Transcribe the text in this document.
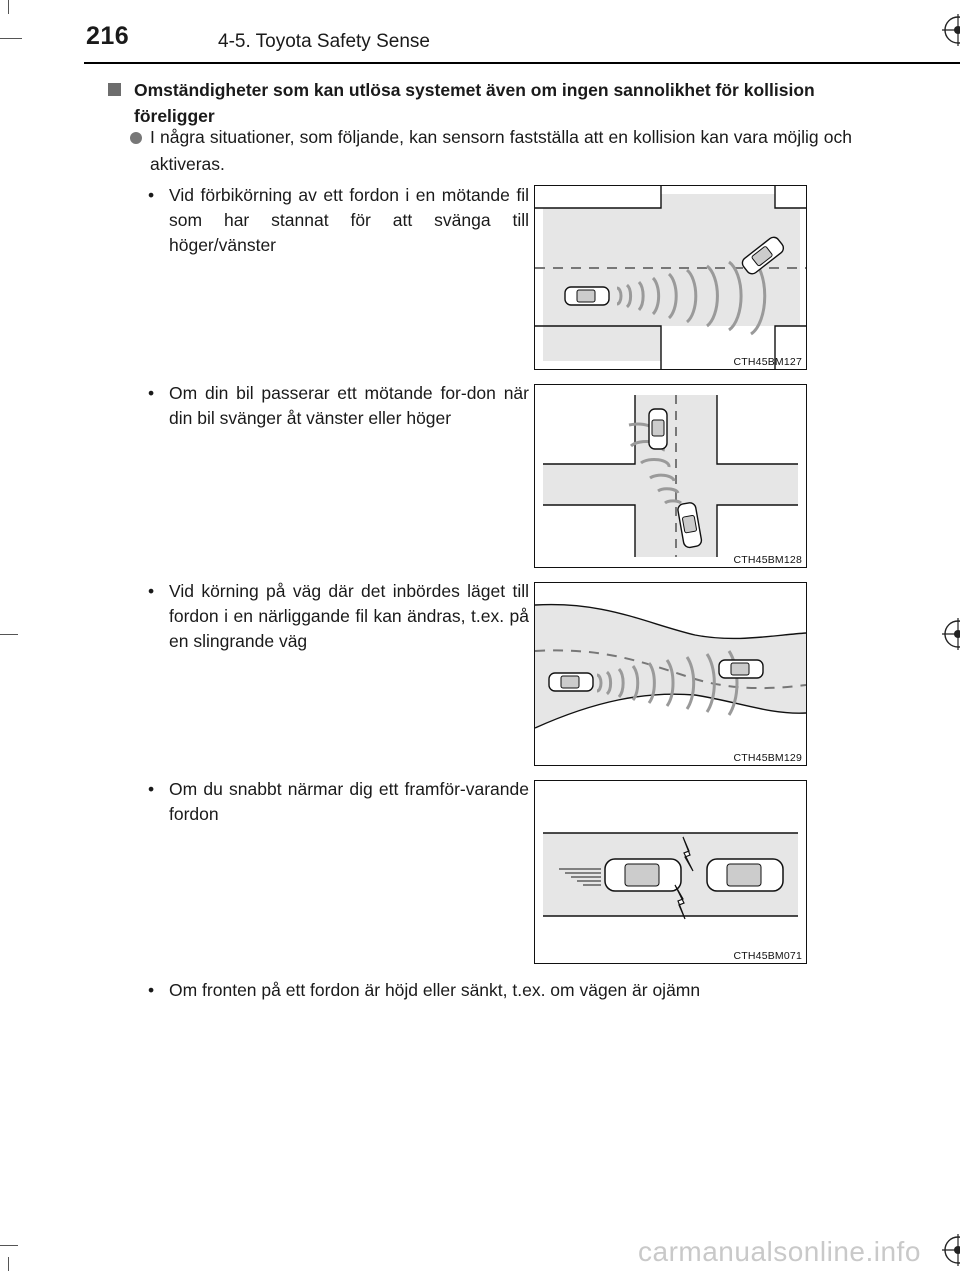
216	4-5. Toyota Safety Sense
Omständigheter som kan utlösa systemet även om ingen sannolikhet för kollision föreligger
I några situationer, som följande, kan sensorn fastställa att en kollision kan vara möjlig och aktiveras.
• Vid förbikörning av ett fordon i en mötande fil som har stannat för att svänga till höger/vänster
CTH45BM127
• Om din bil passerar ett mötande for-don när din bil svänger åt vänster eller höger
CTH45BM128
• Vid körning på väg där det inbördes läget till fordon i en närliggande fil kan ändras, t.ex. på en slingrande väg
CTH45BM129
• Om du snabbt närmar dig ett framför-varande fordon
CTH45BM071
• Om fronten på ett fordon är höjd eller sänkt, t.ex. om vägen är ojämn
carmanualsonline.info
